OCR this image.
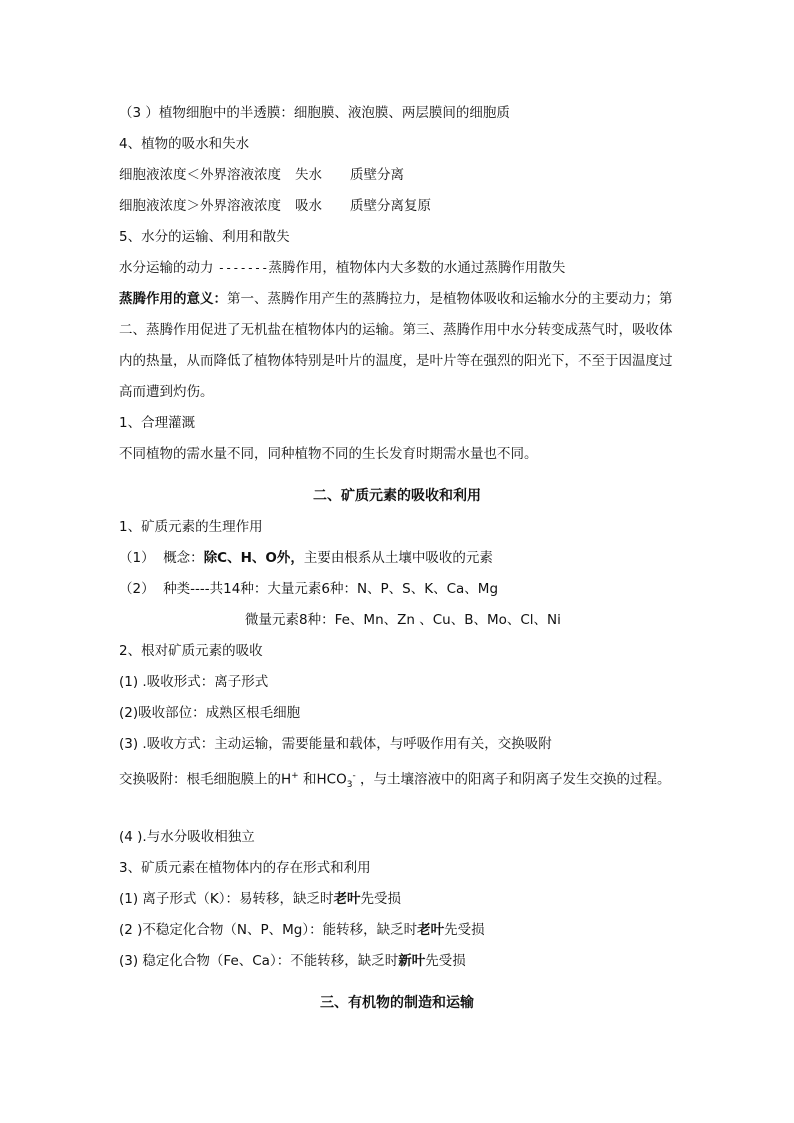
（3 ）植物细胞中的半透膜：细胞膜、液泡膜、两层膜间的细胞质
4、植物的吸水和失水
细胞液浓度＜外界溶液浓度 失水 质壁分离
细胞液浓度＞外界溶液浓度 吸水 质壁分离复原
5、水分的运输、利用和散失
水分运输的动力 -------蒸腾作用，植物体内大多数的水通过蒸腾作用散失
蒸腾作用的意义：第一、蒸腾作用产生的蒸腾拉力，是植物体吸收和运输水分的主要动力；第二、蒸腾作用促进了无机盐在植物体内的运输。第三、蒸腾作用中水分转变成蒸气时，吸收体内的热量，从而降低了植物体特别是叶片的温度，是叶片等在强烈的阳光下，不至于因温度过高而遭到灼伤。
1、合理灌溉
不同植物的需水量不同，同种植物不同的生长发育时期需水量也不同。
二、矿质元素的吸收和利用
1、矿质元素的生理作用
（1） 概念：除C、H、O外，主要由根系从土壤中吸收的元素
（2） 种类----共14种：大量元素6种：N、P、S、K、Ca、Mg
微量元素8种：Fe、Mn、Zn 、Cu、B、Mo、Cl、Ni
2、根对矿质元素的吸收
(1) .吸收形式：离子形式
(2)吸收部位：成熟区根毛细胞
(3) .吸收方式：主动运输，需要能量和载体，与呼吸作用有关，交换吸附
交换吸附：根毛细胞膜上的H+ 和$HCO_3^-$ ，与土壤溶液中的阳离子和阴离子发生交换的过程。
(4 ).与水分吸收相独立
3、矿质元素在植物体内的存在形式和利用
(1) 离子形式（K）：易转移，缺乏时老叶先受损
(2 )不稳定化合物（N、P、Mg）：能转移，缺乏时老叶先受损
(3) 稳定化合物（Fe、Ca）：不能转移，缺乏时新叶先受损
三、有机物的制造和运输
